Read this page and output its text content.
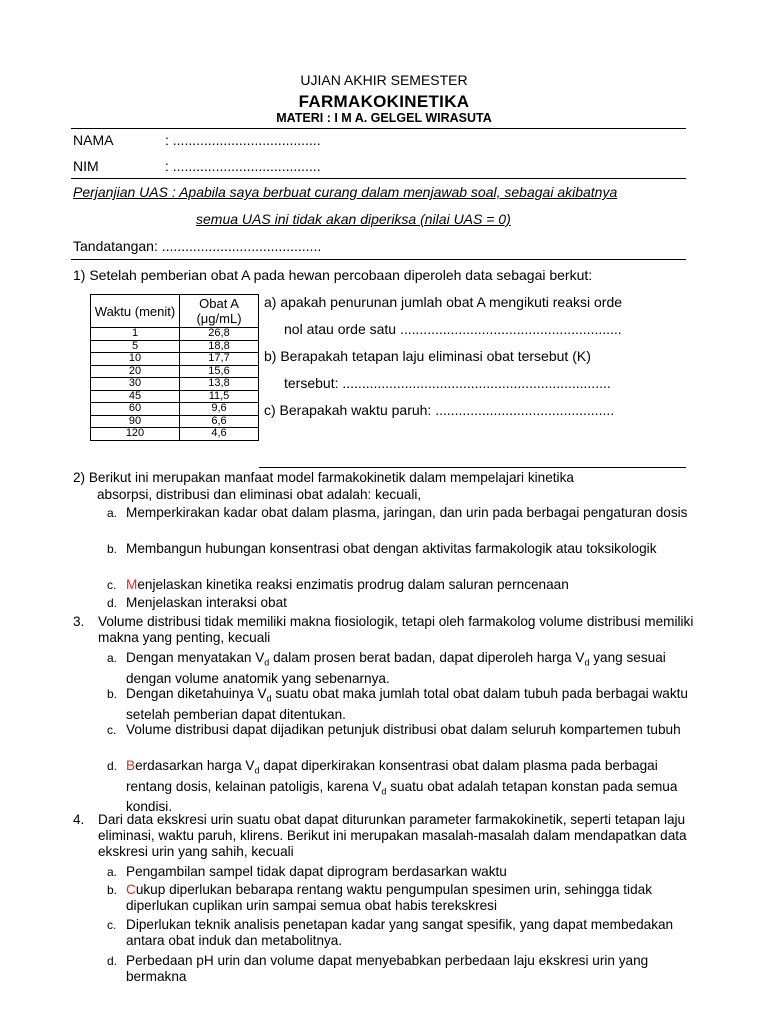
UJIAN AKHIR SEMESTER
FARMAKOKINETIKA
MATERI : I M A. GELGEL WIRASUTA
NAMA	: ......................................
NIM	: ......................................
Perjanjian UAS : Apabila saya berbuat curang dalam menjawab soal, sebagai akibatnya
semua UAS ini tidak akan diperiksa (nilai UAS = 0)
Tandatangan: .........................................
1) Setelah pemberian obat A pada hewan percobaan diperoleh data sebagai berkut:
Waktu (menit)	Obat A (μg/mL)
1	26,8
5	18,8
10	17,7
20	15,6
30	13,8
45	11,5
60	9,6
90	6,6
120	4,6
a) apakah penurunan jumlah obat A mengikuti reaksi orde
nol atau orde satu .........................................................
b) Berapakah tetapan laju eliminasi obat tersebut (K)
tersebut: .....................................................................
c) Berapakah waktu paruh: ..............................................
2) Berikut ini merupakan manfaat model farmakokinetik dalam mempelajari kinetika
absorpsi, distribusi dan eliminasi obat adalah: kecuali,
a. Memperkirakan kadar obat dalam plasma, jaringan, dan urin pada berbagai pengaturan dosis
b. Membangun hubungan konsentrasi obat dengan aktivitas farmakologik atau toksikologik
c. Menjelaskan kinetika reaksi enzimatis prodrug dalam saluran perncenaan
d. Menjelaskan interaksi obat
3. Volume distribusi tidak memiliki makna fiosiologik, tetapi oleh farmakolog volume distribusi memiliki makna yang penting, kecuali
a. Dengan menyatakan $V_d$ dalam prosen berat badan, dapat diperoleh harga $V_d$ yang sesuai dengan volume anatomik yang sebenarnya.
b. Dengan diketahuinya $V_d$ suatu obat maka jumlah total obat dalam tubuh pada berbagai waktu setelah pemberian dapat ditentukan.
c. Volume distribusi dapat dijadikan petunjuk distribusi obat dalam seluruh kompartemen tubuh
d. Berdasarkan harga $V_d$ dapat diperkirakan konsentrasi obat dalam plasma pada berbagai rentang dosis, kelainan patoligis, karena $V_d$ suatu obat adalah tetapan konstan pada semua kondisi.
4. Dari data ekskresi urin suatu obat dapat diturunkan parameter farmakokinetik, seperti tetapan laju eliminasi, waktu paruh, klirens. Berikut ini merupakan masalah-masalah dalam mendapatkan data ekskresi urin yang sahih, kecuali
a. Pengambilan sampel tidak dapat diprogram berdasarkan waktu
b. Cukup diperlukan bebarapa rentang waktu pengumpulan spesimen urin, sehingga tidak diperlukan cuplikan urin sampai semua obat habis terekskresi
c. Diperlukan teknik analisis penetapan kadar yang sangat spesifik, yang dapat membedakan antara obat induk dan metabolitnya.
d. Perbedaan pH urin dan volume dapat menyebabkan perbedaan laju ekskresi urin yang bermakna
